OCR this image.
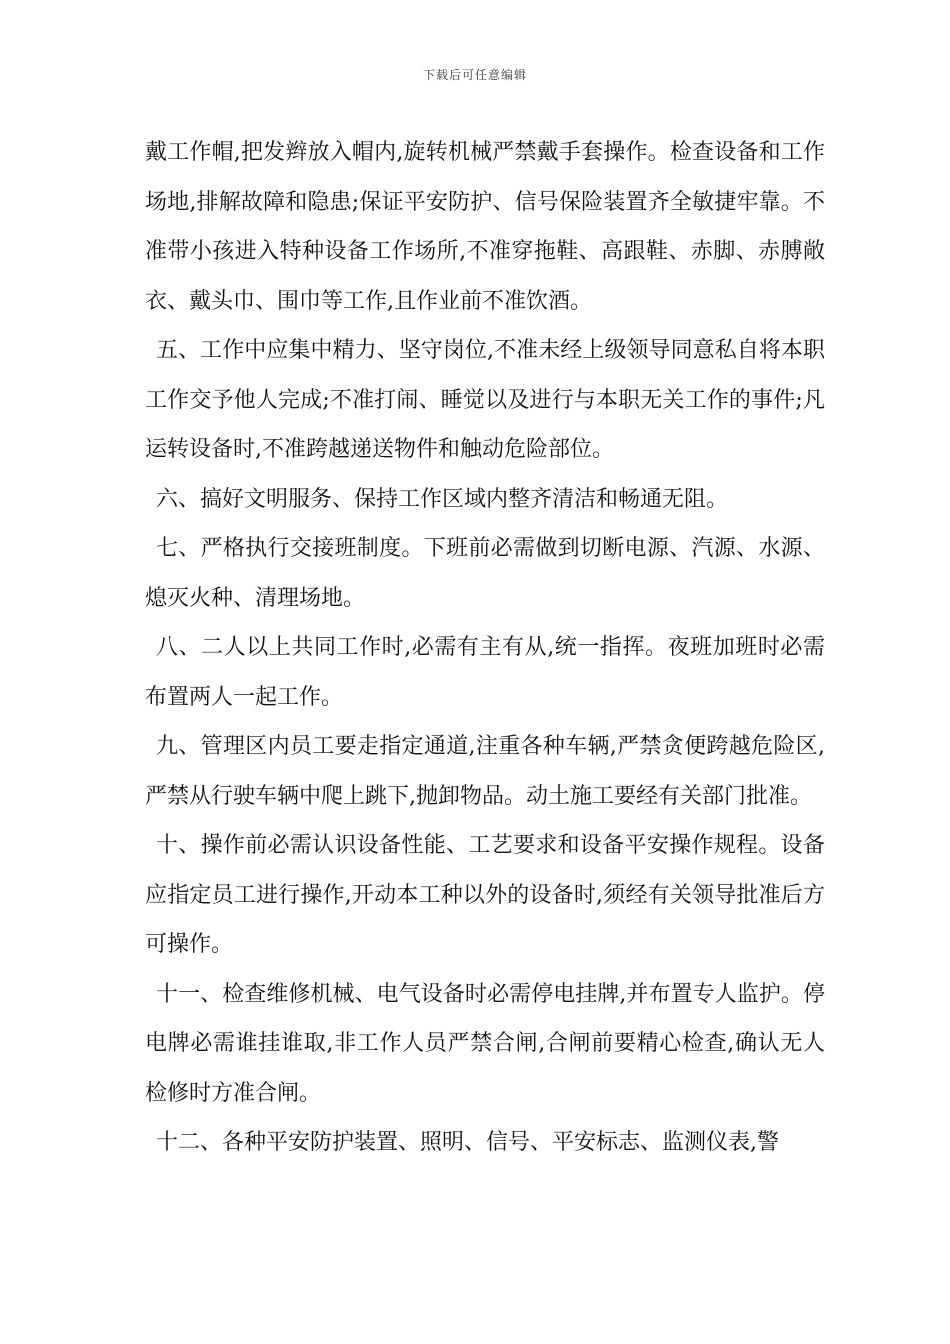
下载后可任意编辑

戴工作帽,把发辫放入帽内,旋转机械严禁戴手套操作。检查设备和工作场地,排解故障和隐患;保证平安防护、信号保险装置齐全敏捷牢靠。不准带小孩进入特种设备工作场所,不准穿拖鞋、高跟鞋、赤脚、赤膊敞衣、戴头巾、围巾等工作,且作业前不准饮酒。

五、工作中应集中精力、坚守岗位,不准未经上级领导同意私自将本职工作交予他人完成;不准打闹、睡觉以及进行与本职无关工作的事件;凡运转设备时,不准跨越递送物件和触动危险部位。

六、搞好文明服务、保持工作区域内整齐清洁和畅通无阻。

七、严格执行交接班制度。下班前必需做到切断电源、汽源、水源、熄灭火种、清理场地。

八、二人以上共同工作时,必需有主有从,统一指挥。夜班加班时必需布置两人一起工作。

九、管理区内员工要走指定通道,注重各种车辆,严禁贪便跨越危险区,严禁从行驶车辆中爬上跳下,抛卸物品。动土施工要经有关部门批准。

十、操作前必需认识设备性能、工艺要求和设备平安操作规程。设备应指定员工进行操作,开动本工种以外的设备时,须经有关领导批准后方可操作。

十一、检查维修机械、电气设备时必需停电挂牌,并布置专人监护。停电牌必需谁挂谁取,非工作人员严禁合闸,合闸前要精心检查,确认无人检修时方准合闸。

十二、各种平安防护装置、照明、信号、平安标志、监测仪表,警
